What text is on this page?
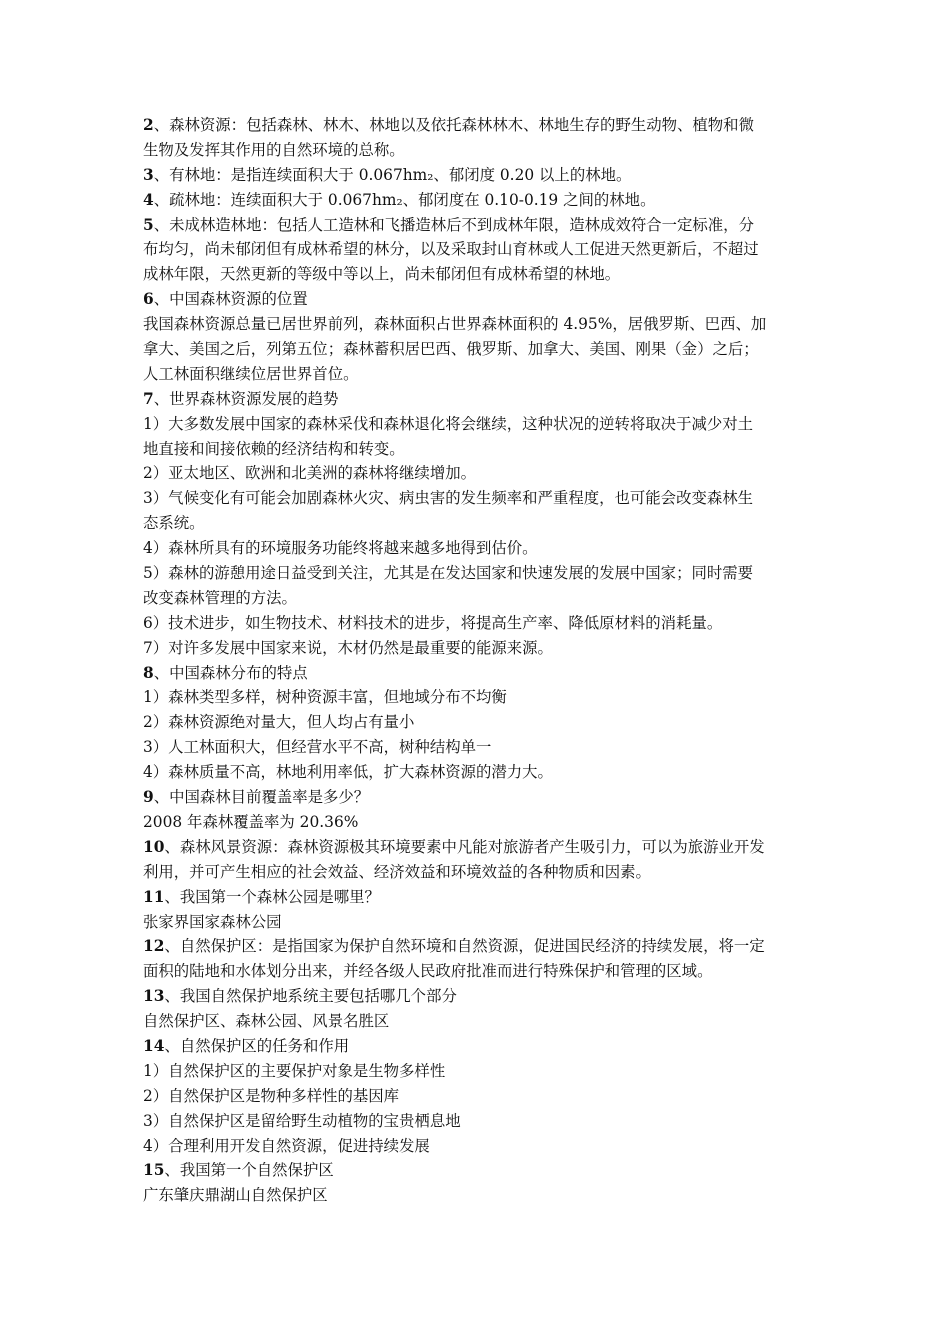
2、森林资源：包括森林、林木、林地以及依托森林林木、林地生存的野生动物、植物和微
生物及发挥其作用的自然环境的总称。
3、有林地：是指连续面积大于 0.067hm₂、郁闭度 0.20 以上的林地。
4、疏林地：连续面积大于 0.067hm₂、郁闭度在 0.10-0.19 之间的林地。
5、未成林造林地：包括人工造林和飞播造林后不到成林年限，造林成效符合一定标准，分
布均匀，尚未郁闭但有成林希望的林分，以及采取封山育林或人工促进天然更新后，不超过
成林年限，天然更新的等级中等以上，尚未郁闭但有成林希望的林地。
6、中国森林资源的位置
我国森林资源总量已居世界前列，森林面积占世界森林面积的 4.95%，居俄罗斯、巴西、加
拿大、美国之后，列第五位；森林蓄积居巴西、俄罗斯、加拿大、美国、刚果（金）之后；
人工林面积继续位居世界首位。
7、世界森林资源发展的趋势
1）大多数发展中国家的森林采伐和森林退化将会继续，这种状况的逆转将取决于减少对土
地直接和间接依赖的经济结构和转变。
2）亚太地区、欧洲和北美洲的森林将继续增加。
3）气候变化有可能会加剧森林火灾、病虫害的发生频率和严重程度，也可能会改变森林生
态系统。
4）森林所具有的环境服务功能终将越来越多地得到估价。
5）森林的游憩用途日益受到关注，尤其是在发达国家和快速发展的发展中国家；同时需要
改变森林管理的方法。
6）技术进步，如生物技术、材料技术的进步，将提高生产率、降低原材料的消耗量。
7）对许多发展中国家来说，木材仍然是最重要的能源来源。
8、中国森林分布的特点
1）森林类型多样，树种资源丰富，但地域分布不均衡
2）森林资源绝对量大，但人均占有量小
3）人工林面积大，但经营水平不高，树种结构单一
4）森林质量不高，林地利用率低，扩大森林资源的潜力大。
9、中国森林目前覆盖率是多少？
2008 年森林覆盖率为 20.36%
10、森林风景资源：森林资源极其环境要素中凡能对旅游者产生吸引力，可以为旅游业开发
利用，并可产生相应的社会效益、经济效益和环境效益的各种物质和因素。
11、我国第一个森林公园是哪里？
张家界国家森林公园
12、自然保护区：是指国家为保护自然环境和自然资源，促进国民经济的持续发展，将一定
面积的陆地和水体划分出来，并经各级人民政府批准而进行特殊保护和管理的区域。
13、我国自然保护地系统主要包括哪几个部分
自然保护区、森林公园、风景名胜区
14、自然保护区的任务和作用
1）自然保护区的主要保护对象是生物多样性
2）自然保护区是物种多样性的基因库
3）自然保护区是留给野生动植物的宝贵栖息地
4）合理利用开发自然资源，促进持续发展
15、我国第一个自然保护区
广东肇庆鼎湖山自然保护区
